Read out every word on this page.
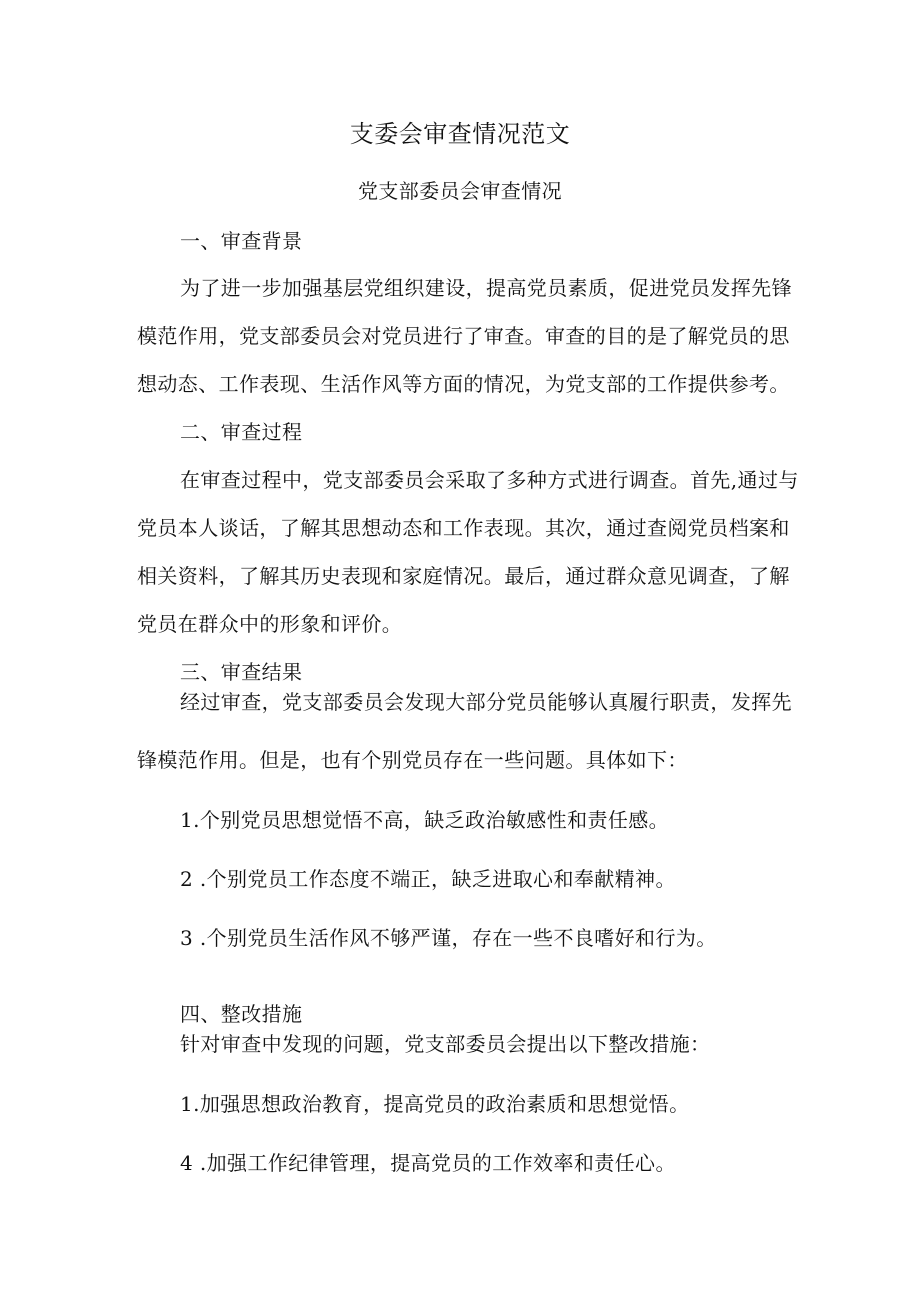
支委会审查情况范文
党支部委员会审查情况
一、审查背景
为了进一步加强基层党组织建设，提高党员素质，促进党员发挥先锋
模范作用，党支部委员会对党员进行了审查。审查的目的是了解党员的思
想动态、工作表现、生活作风等方面的情况，为党支部的工作提供参考。
二、审查过程
在审查过程中，党支部委员会采取了多种方式进行调查。首先,通过与
党员本人谈话，了解其思想动态和工作表现。其次，通过查阅党员档案和
相关资料，了解其历史表现和家庭情况。最后，通过群众意见调查，了解
党员在群众中的形象和评价。
三、审查结果
经过审查，党支部委员会发现大部分党员能够认真履行职责，发挥先
锋模范作用。但是，也有个别党员存在一些问题。具体如下：
1.个别党员思想觉悟不高，缺乏政治敏感性和责任感。
2 .个别党员工作态度不端正，缺乏进取心和奉献精神。
3 .个别党员生活作风不够严谨，存在一些不良嗜好和行为。
四、整改措施
针对审查中发现的问题，党支部委员会提出以下整改措施：
1.加强思想政治教育，提高党员的政治素质和思想觉悟。
4 .加强工作纪律管理，提高党员的工作效率和责任心。
